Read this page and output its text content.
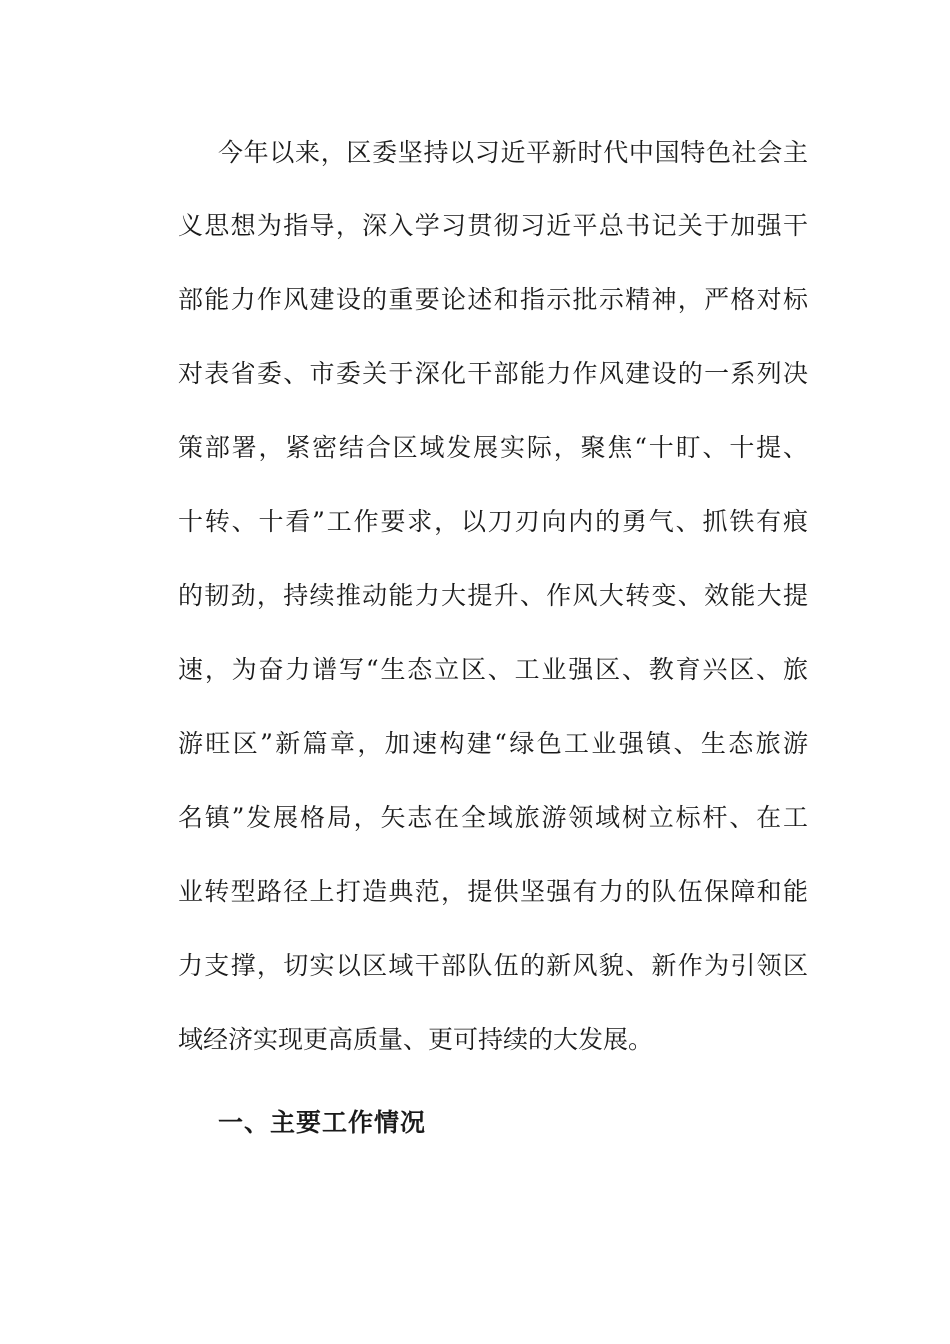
今年以来，区委坚持以习近平新时代中国特色社会主
义思想为指导，深入学习贯彻习近平总书记关于加强干
部能力作风建设的重要论述和指示批示精神，严格对标
对表省委、市委关于深化干部能力作风建设的一系列决
策部署，紧密结合区域发展实际，聚焦“十盯、十提、
十转、十看”工作要求，以刀刃向内的勇气、抓铁有痕
的韧劲，持续推动能力大提升、作风大转变、效能大提
速，为奋力谱写“生态立区、工业强区、教育兴区、旅
游旺区”新篇章，加速构建“绿色工业强镇、生态旅游
名镇”发展格局，矢志在全域旅游领域树立标杆、在工
业转型路径上打造典范，提供坚强有力的队伍保障和能
力支撑，切实以区域干部队伍的新风貌、新作为引领区
域经济实现更高质量、更可持续的大发展。
一、主要工作情况
